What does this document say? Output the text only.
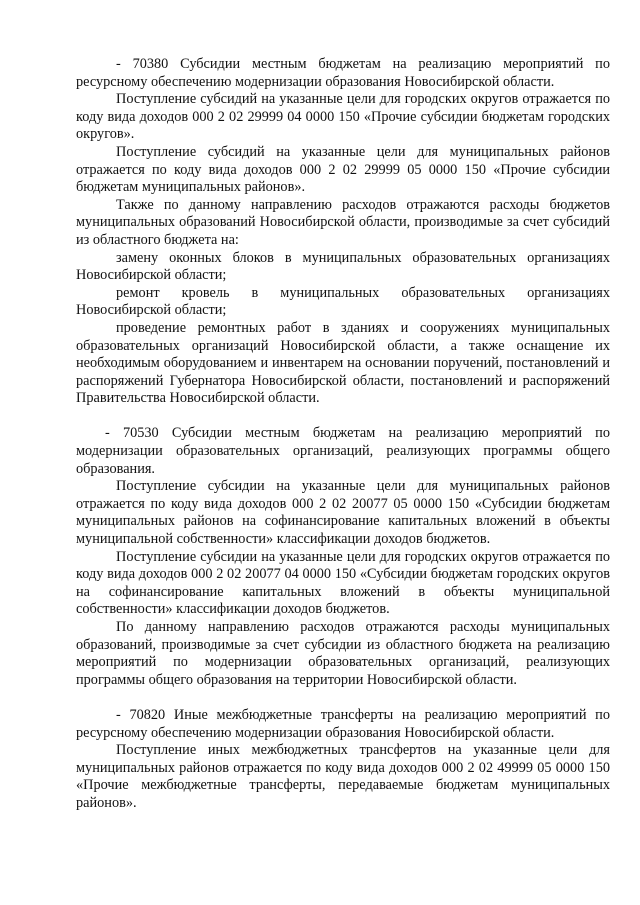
- 70380 Субсидии местным бюджетам на реализацию мероприятий по ресурсному обеспечению модернизации образования Новосибирской области.

Поступление субсидий на указанные цели для городских округов отражается по коду вида доходов 000 2 02 29999 04 0000 150 «Прочие субсидии бюджетам городских округов».

Поступление субсидий на указанные цели для муниципальных районов отражается по коду вида доходов 000 2 02 29999 05 0000 150 «Прочие субсидии бюджетам муниципальных районов».

Также по данному направлению расходов отражаются расходы бюджетов муниципальных образований Новосибирской области, производимые за счет субсидий из областного бюджета на:

замену оконных блоков в муниципальных образовательных организациях Новосибирской области;

ремонт кровель в муниципальных образовательных организациях Новосибирской области;

проведение ремонтных работ в зданиях и сооружениях муниципальных образовательных организаций Новосибирской области, а также оснащение их необходимым оборудованием и инвентарем на основании поручений, постановлений и распоряжений Губернатора Новосибирской области, постановлений и распоряжений Правительства Новосибирской области.

- 70530 Субсидии местным бюджетам на реализацию мероприятий по модернизации образовательных организаций, реализующих программы общего образования.

Поступление субсидии на указанные цели для муниципальных районов отражается по коду вида доходов 000 2 02 20077 05 0000 150 «Субсидии бюджетам муниципальных районов на софинансирование капитальных вложений в объекты муниципальной собственности» классификации доходов бюджетов.

Поступление субсидии на указанные цели для городских округов отражается по коду вида доходов 000 2 02 20077 04 0000 150 «Субсидии бюджетам городских округов на софинансирование капитальных вложений в объекты муниципальной собственности» классификации доходов бюджетов.

По данному направлению расходов отражаются расходы муниципальных образований, производимые за счет субсидии из областного бюджета на реализацию мероприятий по модернизации образовательных организаций, реализующих программы общего образования на территории Новосибирской области.

- 70820 Иные межбюджетные трансферты на реализацию мероприятий по ресурсному обеспечению модернизации образования Новосибирской области.

Поступление иных межбюджетных трансфертов на указанные цели для муниципальных районов отражается по коду вида доходов 000 2 02 49999 05 0000 150 «Прочие межбюджетные трансферты, передаваемые бюджетам муниципальных районов».
